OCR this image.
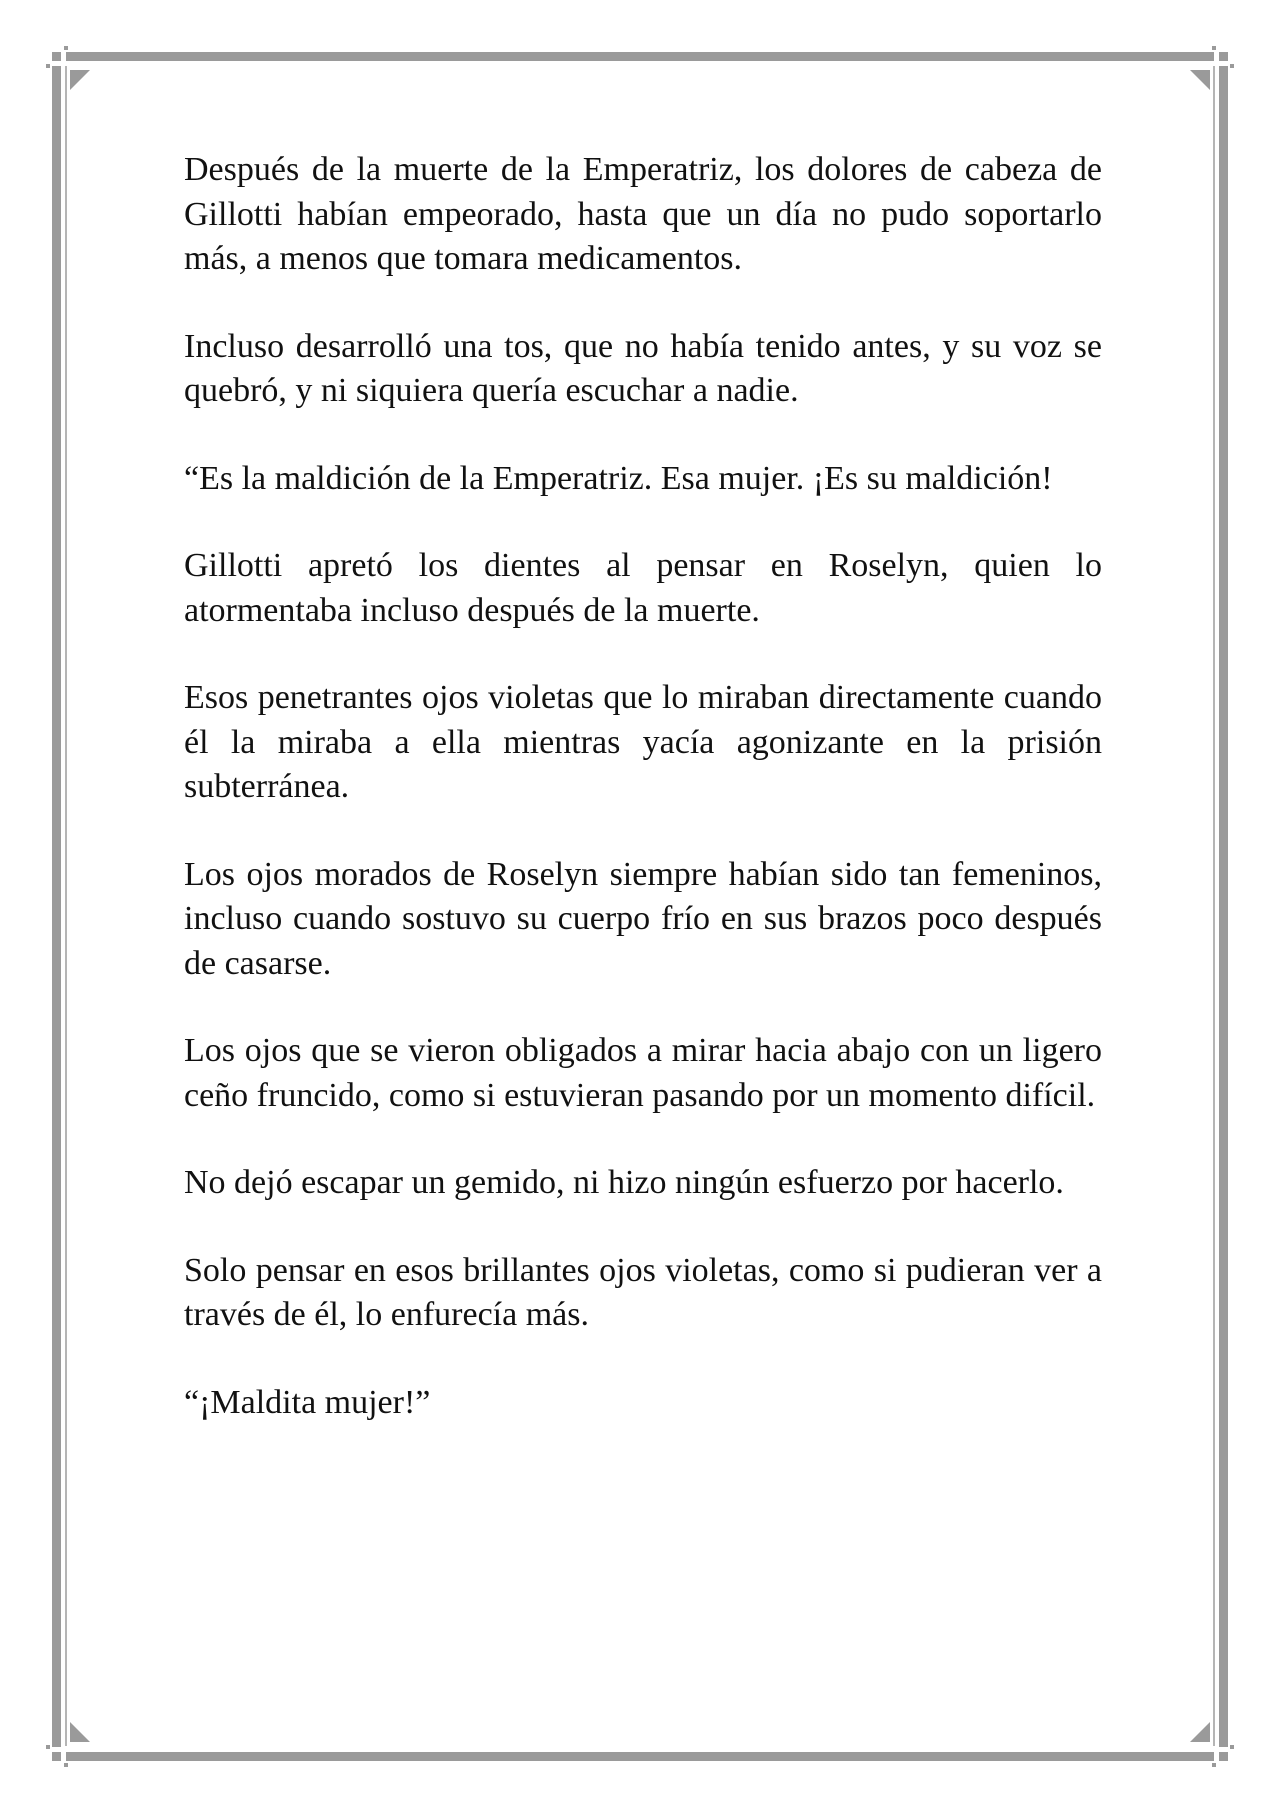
Después de la muerte de la Emperatriz, los dolores de cabeza de Gillotti habían empeorado, hasta que un día no pudo soportarlo más, a menos que tomara medicamentos.

Incluso desarrolló una tos, que no había tenido antes, y su voz se quebró, y ni siquiera quería escuchar a nadie.

“Es la maldición de la Emperatriz. Esa mujer. ¡Es su maldición!

Gillotti apretó los dientes al pensar en Roselyn, quien lo atormentaba incluso después de la muerte.

Esos penetrantes ojos violetas que lo miraban directamente cuando él la miraba a ella mientras yacía agonizante en la prisión subterránea.

Los ojos morados de Roselyn siempre habían sido tan femeninos, incluso cuando sostuvo su cuerpo frío en sus brazos poco después de casarse.

Los ojos que se vieron obligados a mirar hacia abajo con un ligero ceño fruncido, como si estuvieran pasando por un momento difícil.

No dejó escapar un gemido, ni hizo ningún esfuerzo por hacerlo.

Solo pensar en esos brillantes ojos violetas, como si pudieran ver a través de él, lo enfurecía más.

“¡Maldita mujer!”
